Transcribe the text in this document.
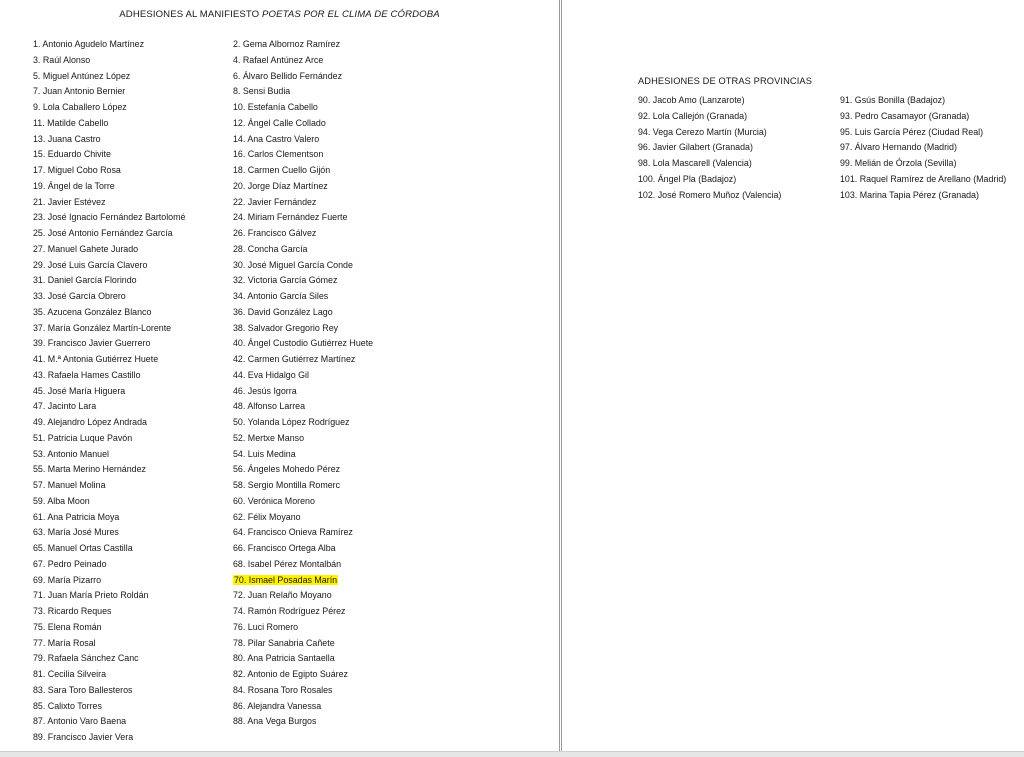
ADHESIONES AL MANIFIESTO POETAS POR EL CLIMA DE CÓRDOBA
1. Antonio Agudelo Martínez
3. Raúl Alonso
5. Miguel Antúnez López
7. Juan Antonio Bernier
9. Lola Caballero López
11. Matilde Cabello
13. Juana Castro
15. Eduardo Chivite
17. Miguel Cobo Rosa
19. Ángel de la Torre
21. Javier Estévez
23. José Ignacio Fernández Bartolomé
25. José Antonio Fernández García
27. Manuel Gahete Jurado
29. José Luis García Clavero
31. Daniel García Florindo
33. José García Obrero
35. Azucena González Blanco
37. María González Martín-Lorente
39. Francisco Javier Guerrero
41. M.ª Antonia Gutiérrez Huete
43. Rafaela Hames Castillo
45. José María Higuera
47. Jacinto Lara
49. Alejandro López Andrada
51. Patricia Luque Pavón
53. Antonio Manuel
55. Marta Merino Hernández
57. Manuel Molina
59. Alba Moon
61. Ana Patricia Moya
63. María José Mures
65. Manuel Ortas Castilla
67. Pedro Peinado
69. María Pizarro
71. Juan María Prieto Roldán
73. Ricardo Reques
75. Elena Román
77. María Rosal
79. Rafaela Sánchez Canc
81. Cecilia Silveira
83. Sara Toro Ballesteros
85. Calixto Torres
87. Antonio Varo Baena
89. Francisco Javier Vera
2. Gema Albornoz Ramírez
4. Rafael Antúnez Arce
6. Álvaro Bellido Fernández
8. Sensi Budia
10. Estefanía Cabello
12. Ángel Calle Collado
14. Ana Castro Valero
16. Carlos Clementson
18. Carmen Cuello Gijón
20. Jorge Díaz Martínez
22. Javier Fernández
24. Miriam Fernández Fuerte
26. Francisco Gálvez
28. Concha García
30. José Miguel García Conde
32. Victoria García Gómez
34. Antonio García Siles
36. David González Lago
38. Salvador Gregorio Rey
40. Ángel Custodio Gutiérrez Huete
42. Carmen Gutiérrez Martínez
44. Eva Hidalgo Gil
46. Jesús Igorra
48. Alfonso Larrea
50. Yolanda López Rodríguez
52. Mertxe Manso
54. Luis Medina
56. Ángeles Mohedo Pérez
58. Sergio Montilla Romerc
60. Verónica Moreno
62. Félix Moyano
64. Francisco Onieva Ramírez
66. Francisco Ortega Alba
68. Isabel Pérez Montalbán
70. Ismael Posadas Marín
72. Juan Relaño Moyano
74. Ramón Rodríguez Pérez
76. Luci Romero
78. Pilar Sanabria Cañete
80. Ana Patricia Santaella
82. Antonio de Egipto Suárez
84. Rosana Toro Rosales
86. Alejandra Vanessa
88. Ana Vega Burgos
ADHESIONES DE OTRAS PROVINCIAS
90. Jacob Amo (Lanzarote)
92. Lola Callejón (Granada)
94. Vega Cerezo Martín (Murcia)
96. Javier Gilabert (Granada)
98. Lola Mascarell (Valencia)
100. Ángel Pla (Badajoz)
102. José Romero Muñoz (Valencia)
91. Gsús Bonilla (Badajoz)
93. Pedro Casamayor (Granada)
95. Luis García Pérez (Ciudad Real)
97. Álvaro Hernando (Madrid)
99. Melián de Órzola (Sevilla)
101. Raquel Ramírez de Arellano (Madrid)
103. Marina Tapia Pérez (Granada)
